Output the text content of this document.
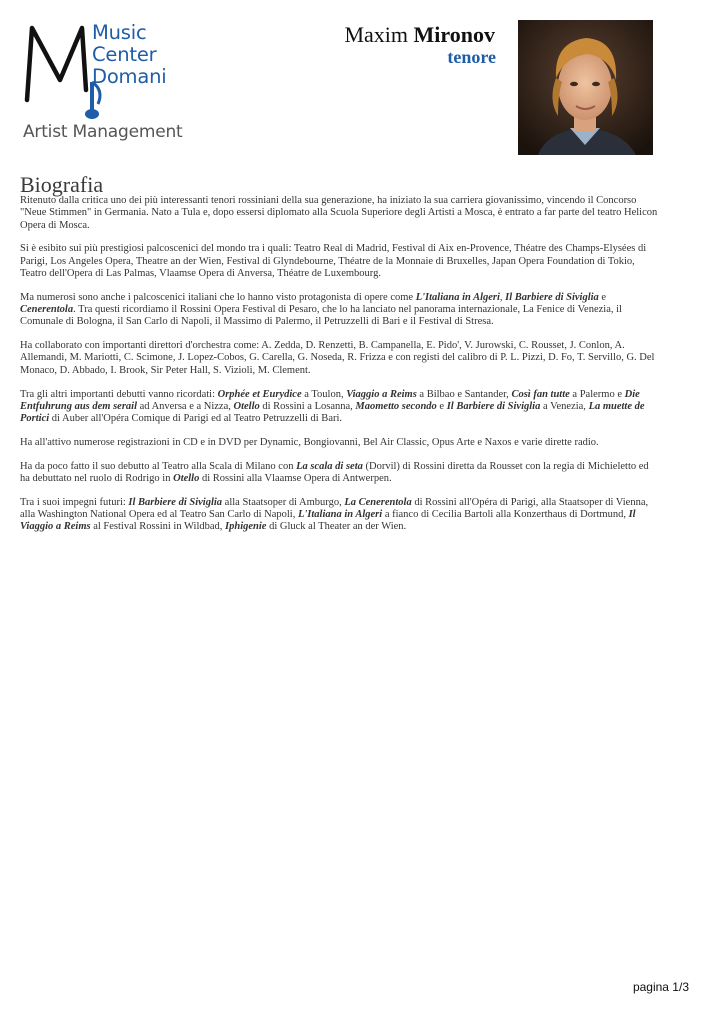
Music
Center
Domani
Artist Management
Maxim Mironov
tenore
Biografia

Ritenuto dalla critica uno dei più interessanti tenori rossiniani della sua generazione, ha iniziato la sua carriera giovanissimo, vincendo il Concorso "Neue Stimmen" in Germania. Nato a Tula e, dopo essersi diplomato alla Scuola Superiore degli Artisti a Mosca, è entrato a far parte del teatro Helicon Opera di Mosca.

Si è esibito sui più prestigiosi palcoscenici del mondo tra i quali: Teatro Real di Madrid, Festival di Aix en-Provence, Théatre des Champs-Elysées di Parigi, Los Angeles Opera, Theatre an der Wien, Festival di Glyndebourne, Théatre de la Monnaie di Bruxelles, Japan Opera Foundation di Tokio, Teatro dell'Opera di Las Palmas, Vlaamse Opera di Anversa, Théatre de Luxembourg.

Ma numerosi sono anche i palcoscenici italiani che lo hanno visto protagonista di opere come L'Italiana in Algeri, Il Barbiere di Siviglia e Cenerentola. Tra questi ricordiamo il Rossini Opera Festival di Pesaro, che lo ha lanciato nel panorama internazionale, La Fenice di Venezia, il Comunale di Bologna, il San Carlo di Napoli, il Massimo di Palermo, il Petruzzelli di Bari e il Festival di Stresa.

Ha collaborato con importanti direttori d'orchestra come: A. Zedda, D. Renzetti, B. Campanella, E. Pido', V. Jurowski, C. Rousset, J. Conlon, A. Allemandi, M. Mariotti, C. Scimone, J. Lopez-Cobos, G. Carella, G. Noseda, R. Frizza e con registi del calibro di P. L. Pizzi, D. Fo, T. Servillo, G. Del Monaco, D. Abbado, I. Brook, Sir Peter Hall, S. Vizioli, M. Clement.

Tra gli altri importanti debutti vanno ricordati: Orphée et Eurydice a Toulon, Viaggio a Reims a Bilbao e Santander, Così fan tutte a Palermo e Die Entfuhrung aus dem serail ad Anversa e a Nizza, Otello di Rossini a Losanna, Maometto secondo e Il Barbiere di Siviglia a Venezia, La muette de Portici di Auber all'Opéra Comique di Parigi ed al Teatro Petruzzelli di Bari.

Ha all'attivo numerose registrazioni in CD e in DVD per Dynamic, Bongiovanni, Bel Air Classic, Opus Arte e Naxos e varie dirette radio.

Ha da poco fatto il suo debutto al Teatro alla Scala di Milano con La scala di seta (Dorvil) di Rossini diretta da Rousset con la regia di Michieletto ed ha debuttato nel ruolo di Rodrigo in Otello di Rossini alla Vlaamse Opera di Antwerpen.

Tra i suoi impegni futuri: Il Barbiere di Siviglia alla Staatsoper di Amburgo, La Cenerentola di Rossini all'Opéra di Parigi, alla Staatsoper di Vienna, alla Washington National Opera ed al Teatro San Carlo di Napoli, L'Italiana in Algeri a fianco di Cecilia Bartoli alla Konzerthaus di Dortmund, Il Viaggio a Reims al Festival Rossini in Wildbad, Iphigenie di Gluck al Theater an der Wien.

pagina 1/3
